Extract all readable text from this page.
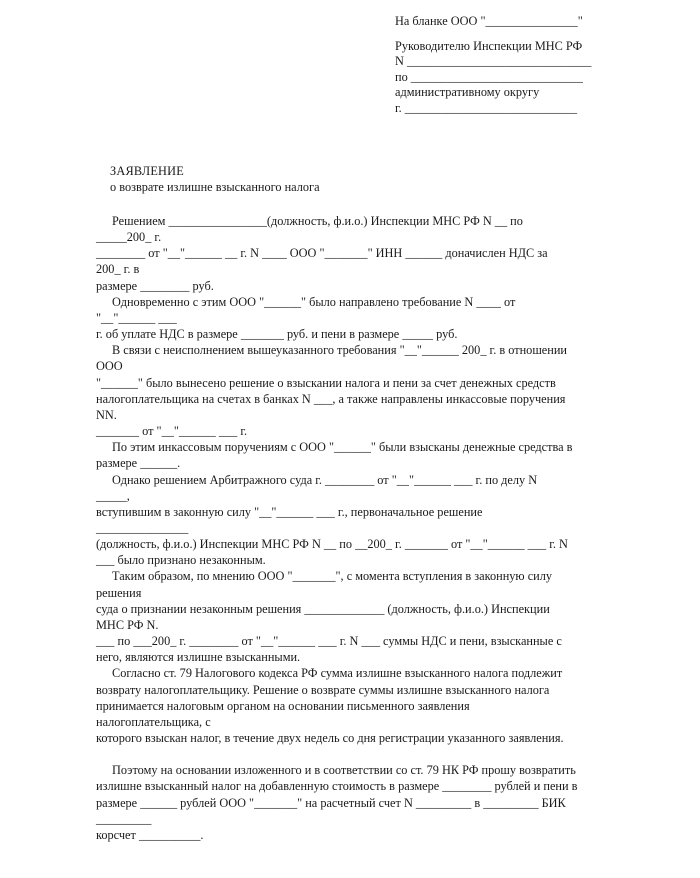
На бланке ООО "_______________"
Руководителю Инспекции МНС РФ
N ______________________________
по ____________________________
административному округу
г. ____________________________
ЗАЯВЛЕНИЕ
о возврате излишне взысканного налога
Решением ________________(должность, ф.и.о.) Инспекции МНС РФ N __ по
_____200_ г.
________ от "__"______ __ г. N ____ ООО "_______" ИНН ______ доначислен НДС за
200_ г. в
размере ________ руб.
Одновременно с этим ООО "______" было направлено требование N ____ от
"__"______ ___
г. об уплате НДС в размере _______ руб. и пени в размере _____ руб.
В связи с неисполнением вышеуказанного требования "__"______ 200_ г. в отношении
ООО
"______" было вынесено решение о взыскании налога и пени за счет денежных средств
налогоплательщика на счетах в банках N ___, а также направлены инкассовые поручения
NN.
_______ от "__"______ ___ г.
По этим инкассовым поручениям с ООО "______" были взысканы денежные средства в
размере ______.
Однако решением Арбитражного суда г. ________ от "__"______ ___ г. по делу N
_____,
вступившим в законную силу "__"______ ___ г., первоначальное решение
_______________
(должность, ф.и.о.) Инспекции МНС РФ N __ по __200_ г. _______ от "__"______ ___ г. N
___ было признано незаконным.
Таким образом, по мнению ООО "_______", с момента вступления в законную силу
решения
суда о признании незаконным решения _____________ (должность, ф.и.о.) Инспекции
МНС РФ N.
___ по ___200_ г. ________ от "__"______ ___ г. N ___ суммы НДС и пени, взысканные с
него, являются излишне взысканными.
Согласно ст. 79 Налогового кодекса РФ сумма излишне взысканного налога подлежит
возврату налогоплательщику. Решение о возврате суммы излишне взысканного налога
принимается налоговым органом на основании письменного заявления
налогоплательщика, с
которого взыскан налог, в течение двух недель со дня регистрации указанного заявления.
Поэтому на основании изложенного и в соответствии со ст. 79 НК РФ прошу возвратить
излишне взысканный налог на добавленную стоимость в размере ________ рублей и пени в
размере ______ рублей ООО "_______" на расчетный счет N _________ в _________ БИК
_________
корсчет __________.
